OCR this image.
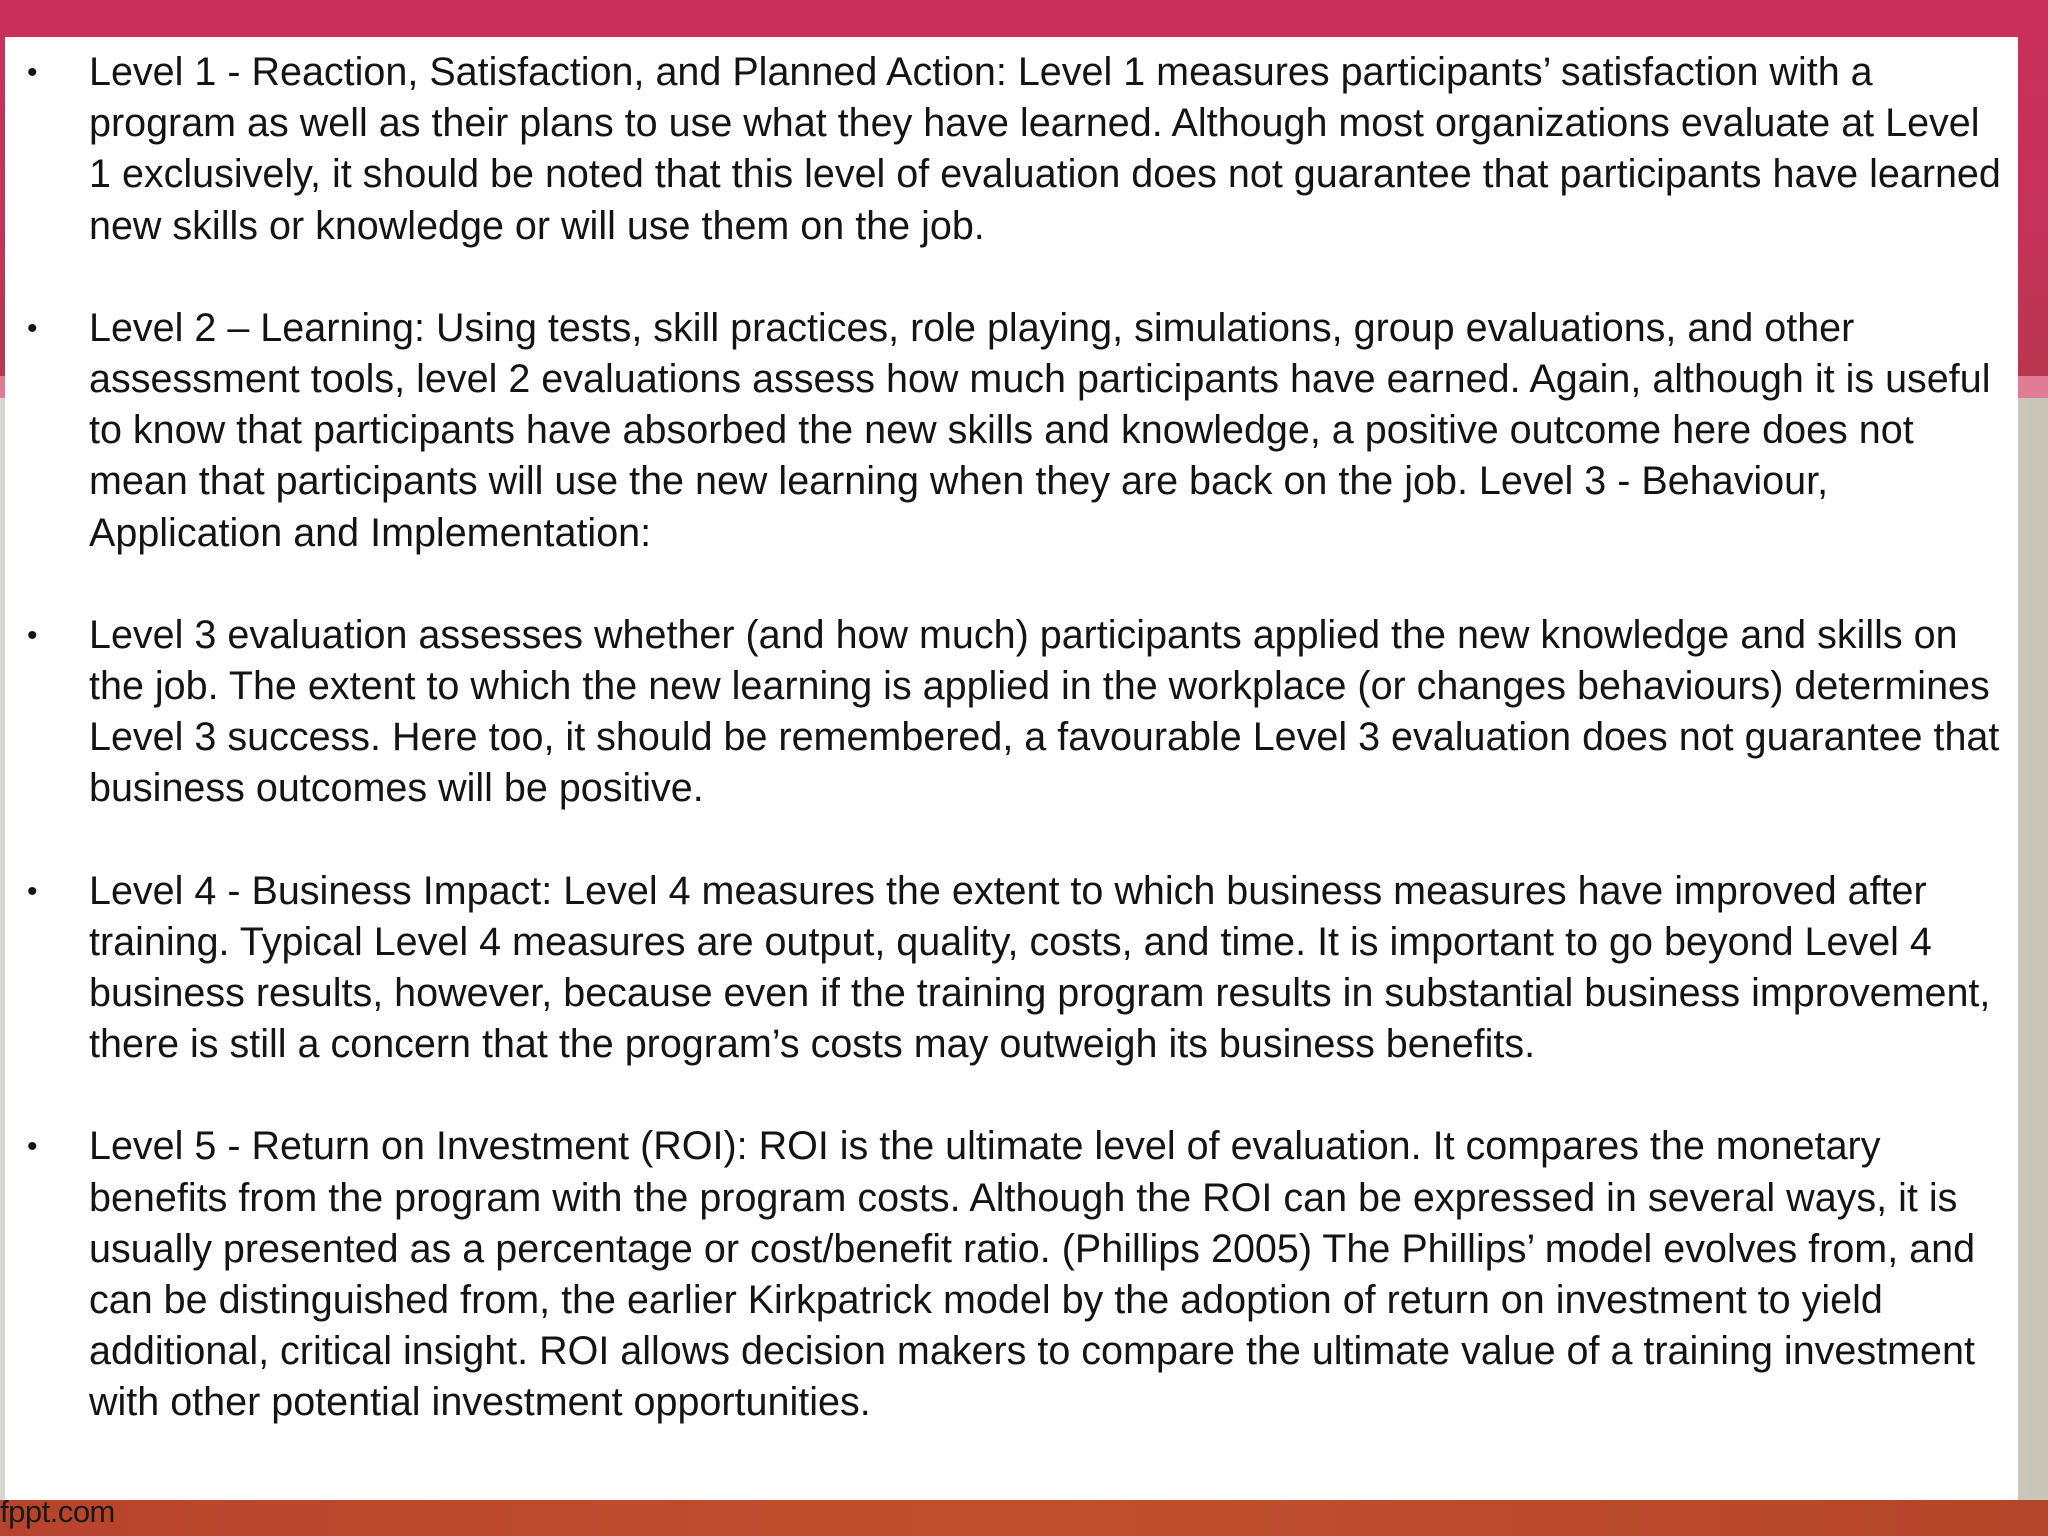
• Level 1 - Reaction, Satisfaction, and Planned Action: Level 1 measures participants’ satisfaction with a program as well as their plans to use what they have learned. Although most organizations evaluate at Level 1 exclusively, it should be noted that this level of evaluation does not guarantee that participants have learned new skills or knowledge or will use them on the job.
• Level 2 – Learning: Using tests, skill practices, role playing, simulations, group evaluations, and other assessment tools, level 2 evaluations assess how much participants have earned. Again, although it is useful to know that participants have absorbed the new skills and knowledge, a positive outcome here does not mean that participants will use the new learning when they are back on the job. Level 3 - Behaviour, Application and Implementation:
• Level 3 evaluation assesses whether (and how much) participants applied the new knowledge and skills on the job. The extent to which the new learning is applied in the workplace (or changes behaviours) determines Level 3 success. Here too, it should be remembered, a favourable Level 3 evaluation does not guarantee that business outcomes will be positive.
• Level 4 - Business Impact: Level 4 measures the extent to which business measures have improved after training. Typical Level 4 measures are output, quality, costs, and time. It is important to go beyond Level 4 business results, however, because even if the training program results in substantial business improvement, there is still a concern that the program’s costs may outweigh its business benefits.
• Level 5 - Return on Investment (ROI): ROI is the ultimate level of evaluation. It compares the monetary benefits from the program with the program costs. Although the ROI can be expressed in several ways, it is usually presented as a percentage or cost/benefit ratio. (Phillips 2005) The Phillips’ model evolves from, and can be distinguished from, the earlier Kirkpatrick model by the adoption of return on investment to yield additional, critical insight. ROI allows decision makers to compare the ultimate value of a training investment with other potential investment opportunities.
fppt.com
